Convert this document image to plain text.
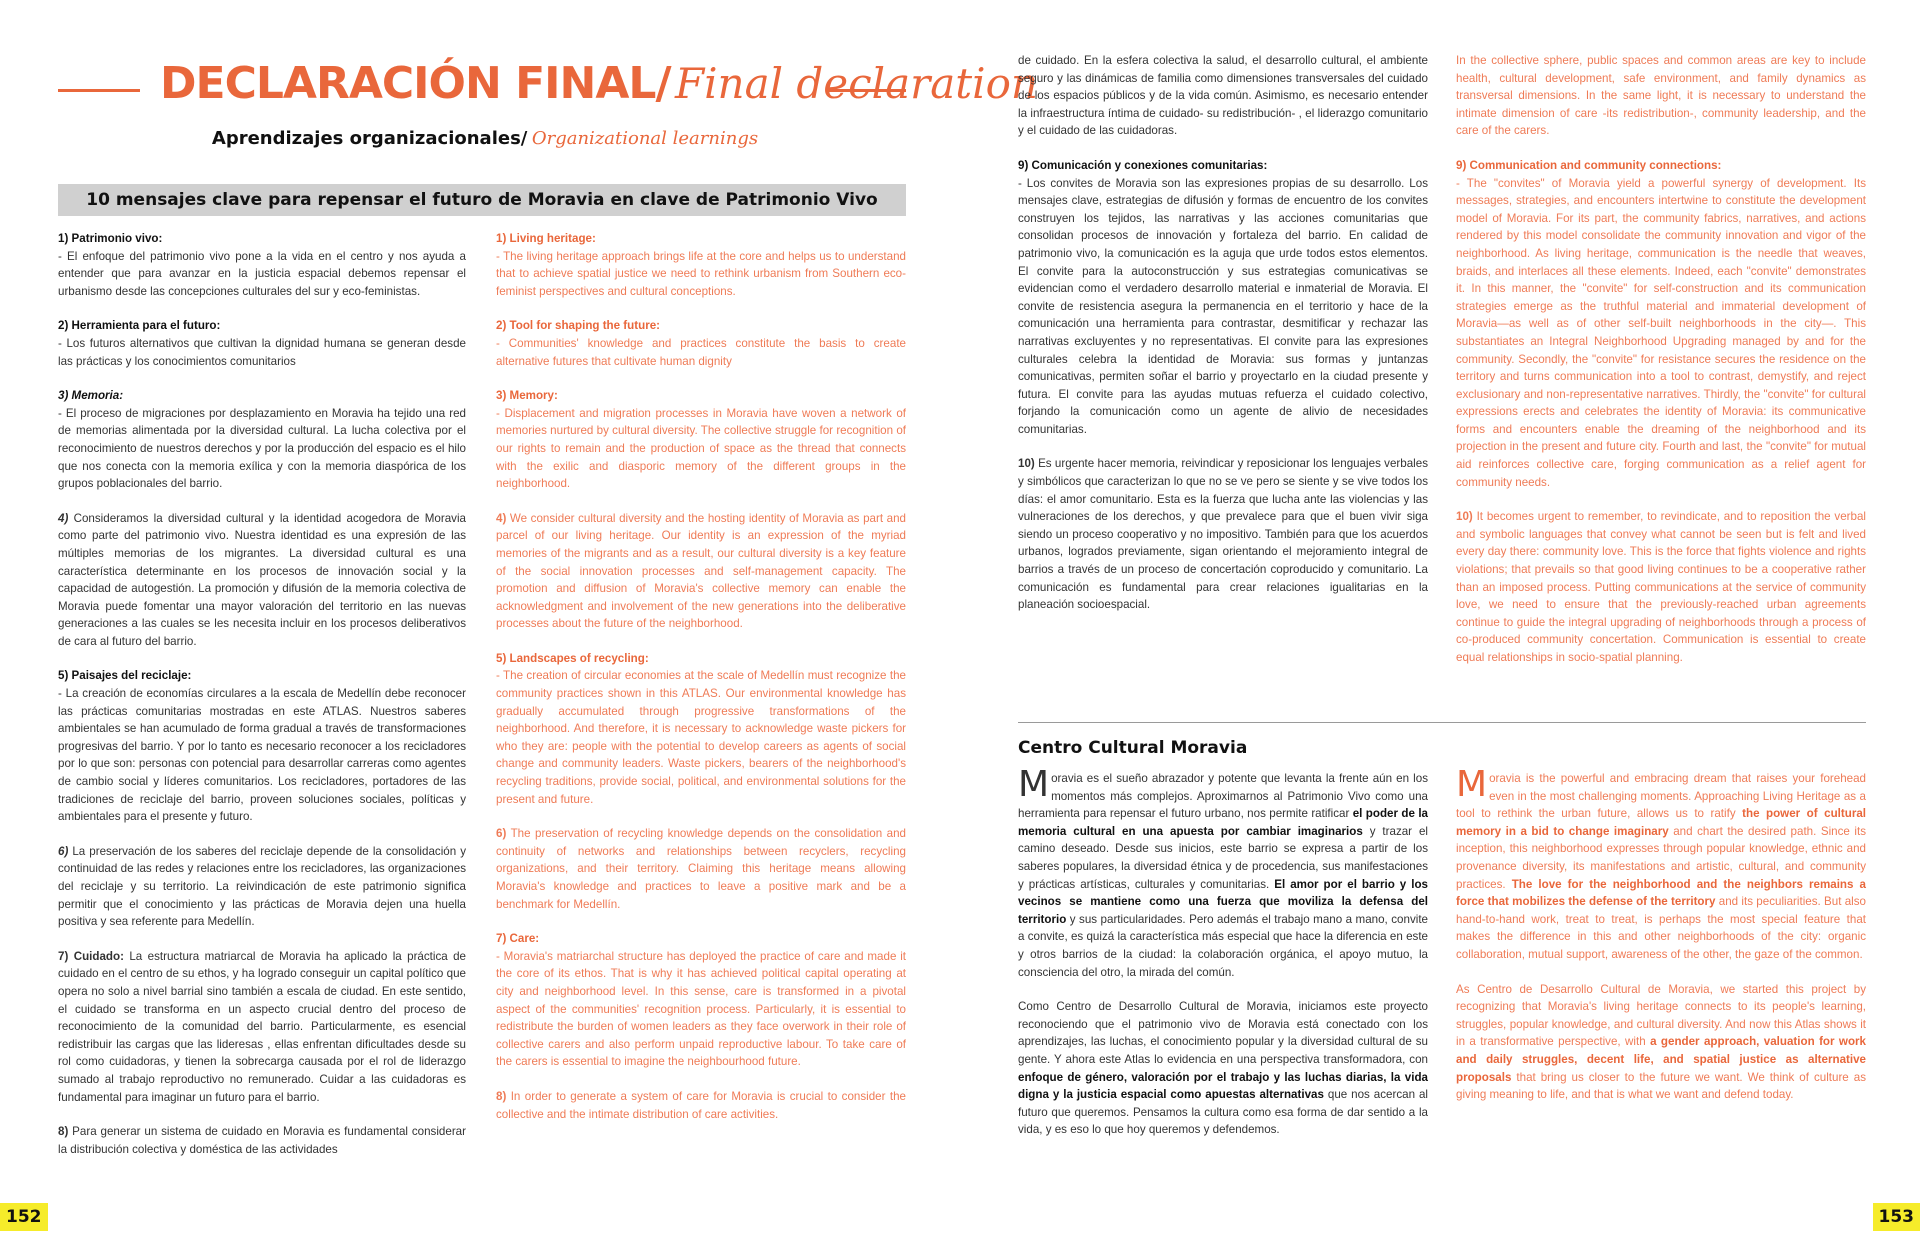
DECLARACIÓN FINAL/ Final declaration
Aprendizajes organizacionales/ Organizational learnings
10 mensajes clave para repensar el futuro de Moravia en clave de Patrimonio Vivo
1) Patrimonio vivo:
- El enfoque del patrimonio vivo pone a la vida en el centro y nos ayuda a entender que para avanzar en la justicia espacial debemos repensar el urbanismo desde las concepciones culturales del sur y eco-feministas.
2) Herramienta para el futuro:
- Los futuros alternativos que cultivan la dignidad humana se generan desde las prácticas y los conocimientos comunitarios
3) Memoria:
- El proceso de migraciones por desplazamiento en Moravia ha tejido una red de memorias alimentada por la diversidad cultural. La lucha colectiva por el reconocimiento de nuestros derechos y por la producción del espacio es el hilo que nos conecta con la memoria exílica y con la memoria diaspórica de los grupos poblacionales del barrio.
4) Consideramos la diversidad cultural y la identidad acogedora de Moravia como parte del patrimonio vivo. Nuestra identidad es una expresión de las múltiples memorias de los migrantes. La diversidad cultural es una característica determinante en los procesos de innovación social y la capacidad de autogestión. La promoción y difusión de la memoria colectiva de Moravia puede fomentar una mayor valoración del territorio en las nuevas generaciones a las cuales se les necesita incluir en los procesos deliberativos de cara al futuro del barrio.
5) Paisajes del reciclaje:
- La creación de economías circulares a la escala de Medellín debe reconocer las prácticas comunitarias mostradas en este ATLAS. Nuestros saberes ambientales se han acumulado de forma gradual a través de transformaciones progresivas del barrio. Y por lo tanto es necesario reconocer a los recicladores por lo que son: personas con potencial para desarrollar carreras como agentes de cambio social y líderes comunitarios. Los recicladores, portadores de las tradiciones de reciclaje del barrio, proveen soluciones sociales, políticas y ambientales para el presente y futuro.
6) La preservación de los saberes del reciclaje depende de la consolidación y continuidad de las redes y relaciones entre los recicladores, las organizaciones del reciclaje y su territorio. La reivindicación de este patrimonio significa permitir que el conocimiento y las prácticas de Moravia dejen una huella positiva y sea referente para Medellín.
7) Cuidado: La estructura matriarcal de Moravia ha aplicado la práctica de cuidado en el centro de su ethos, y ha logrado conseguir un capital político que opera no solo a nivel barrial sino también a escala de ciudad. En este sentido, el cuidado se transforma en un aspecto crucial dentro del proceso de reconocimiento de la comunidad del barrio. Particularmente, es esencial redistribuir las cargas que las lideresas , ellas enfrentan dificultades desde su rol como cuidadoras, y tienen la sobrecarga causada por el rol de liderazgo sumado al trabajo reproductivo no remunerado. Cuidar a las cuidadoras es fundamental para imaginar un futuro para el barrio.
8) Para generar un sistema de cuidado en Moravia es fundamental considerar la distribución colectiva y doméstica de las actividades
1) Living heritage:
- The living heritage approach brings life at the core and helps us to understand that to achieve spatial justice we need to rethink urbanism from Southern eco-feminist perspectives and cultural conceptions.
2) Tool for shaping the future:
- Communities' knowledge and practices constitute the basis to create alternative futures that cultivate human dignity
3) Memory:
- Displacement and migration processes in Moravia have woven a network of memories nurtured by cultural diversity. The collective struggle for recognition of our rights to remain and the production of space as the thread that connects with the exilic and diasporic memory of the different groups in the neighborhood.
4) We consider cultural diversity and the hosting identity of Moravia as part and parcel of our living heritage. Our identity is an expression of the myriad memories of the migrants and as a result, our cultural diversity is a key feature of the social innovation processes and self-management capacity. The promotion and diffusion of Moravia's collective memory can enable the acknowledgment and involvement of the new generations into the deliberative processes about the future of the neighborhood.
5) Landscapes of recycling:
- The creation of circular economies at the scale of Medellín must recognize the community practices shown in this ATLAS. Our environmental knowledge has gradually accumulated through progressive transformations of the neighborhood. And therefore, it is necessary to acknowledge waste pickers for who they are: people with the potential to develop careers as agents of social change and community leaders. Waste pickers, bearers of the neighborhood's recycling traditions, provide social, political, and environmental solutions for the present and future.
6) The preservation of recycling knowledge depends on the consolidation and continuity of networks and relationships between recyclers, recycling organizations, and their territory. Claiming this heritage means allowing Moravia's knowledge and practices to leave a positive mark and be a benchmark for Medellín.
7) Care:
- Moravia's matriarchal structure has deployed the practice of care and made it the core of its ethos. That is why it has achieved political capital operating at city and neighborhood level. In this sense, care is transformed in a pivotal aspect of the communities' recognition process. Particularly, it is essential to redistribute the burden of women leaders as they face overwork in their role of collective carers and also perform unpaid reproductive labour. To take care of the carers is essential to imagine the neighbourhood future.
8) In order to generate a system of care for Moravia is crucial to consider the collective and the intimate distribution of care activities.
de cuidado. En la esfera colectiva la salud, el desarrollo cultural, el ambiente seguro y las dinámicas de familia como dimensiones transversales del cuidado de los espacios públicos y de la vida común. Asimismo, es necesario entender la infraestructura íntima de cuidado- su redistribución- , el liderazgo comunitario y el cuidado de las cuidadoras.
9) Comunicación y conexiones comunitarias:
- Los convites de Moravia son las expresiones propias de su desarrollo. Los mensajes clave, estrategias de difusión y formas de encuentro de los convites construyen los tejidos, las narrativas y las acciones comunitarias que consolidan procesos de innovación y fortaleza del barrio. En calidad de patrimonio vivo, la comunicación es la aguja que urde todos estos elementos. El convite para la autoconstrucción y sus estrategias comunicativas se evidencian como el verdadero desarrollo material e inmaterial de Moravia. El convite de resistencia asegura la permanencia en el territorio y hace de la comunicación una herramienta para contrastar, desmitificar y rechazar las narrativas excluyentes y no representativas. El convite para las expresiones culturales celebra la identidad de Moravia: sus formas y juntanzas comunicativas, permiten soñar el barrio y proyectarlo en la ciudad presente y futura. El convite para las ayudas mutuas refuerza el cuidado colectivo, forjando la comunicación como un agente de alivio de necesidades comunitarias.
10) Es urgente hacer memoria, reivindicar y reposicionar los lenguajes verbales y simbólicos que caracterizan lo que no se ve pero se siente y se vive todos los días: el amor comunitario. Esta es la fuerza que lucha ante las violencias y las vulneraciones de los derechos, y que prevalece para que el buen vivir siga siendo un proceso cooperativo y no impositivo. También para que los acuerdos urbanos, logrados previamente, sigan orientando el mejoramiento integral de barrios a través de un proceso de concertación coproducido y comunitario. La comunicación es fundamental para crear relaciones igualitarias en la planeación socioespacial.
In the collective sphere, public spaces and common areas are key to include health, cultural development, safe environment, and family dynamics as transversal dimensions. In the same light, it is necessary to understand the intimate dimension of care -its redistribution-, community leadership, and the care of the carers.
9) Communication and community connections:
- The "convites" of Moravia yield a powerful synergy of development. Its messages, strategies, and encounters intertwine to constitute the development model of Moravia. For its part, the community fabrics, narratives, and actions rendered by this model consolidate the community innovation and vigor of the neighborhood. As living heritage, communication is the needle that weaves, braids, and interlaces all these elements. Indeed, each "convite" demonstrates it. In this manner, the "convite" for self-construction and its communication strategies emerge as the truthful material and immaterial development of Moravia—as well as of other self-built neighborhoods in the city—. This substantiates an Integral Neighborhood Upgrading managed by and for the community. Secondly, the "convite" for resistance secures the residence on the territory and turns communication into a tool to contrast, demystify, and reject exclusionary and non-representative narratives. Thirdly, the "convite" for cultural expressions erects and celebrates the identity of Moravia: its communicative forms and encounters enable the dreaming of the neighborhood and its projection in the present and future city. Fourth and last, the "convite" for mutual aid reinforces collective care, forging communication as a relief agent for community needs.
10) It becomes urgent to remember, to revindicate, and to reposition the verbal and symbolic languages that convey what cannot be seen but is felt and lived every day there: community love. This is the force that fights violence and rights violations; that prevails so that good living continues to be a cooperative rather than an imposed process. Putting communications at the service of community love, we need to ensure that the previously-reached urban agreements continue to guide the integral upgrading of neighborhoods through a process of co-produced community concertation. Communication is essential to create equal relationships in socio-spatial planning.
Centro Cultural Moravia
Moravia es el sueño abrazador y potente que levanta la frente aún en los momentos más complejos. Aproximarnos al Patrimonio Vivo como una herramienta para repensar el futuro urbano, nos permite ratificar el poder de la memoria cultural en una apuesta por cambiar imaginarios y trazar el camino deseado. Desde sus inicios, este barrio se expresa a partir de los saberes populares, la diversidad étnica y de procedencia, sus manifestaciones y prácticas artísticas, culturales y comunitarias. El amor por el barrio y los vecinos se mantiene como una fuerza que moviliza la defensa del territorio y sus particularidades. Pero además el trabajo mano a mano, convite a convite, es quizá la característica más especial que hace la diferencia en este y otros barrios de la ciudad: la colaboración orgánica, el apoyo mutuo, la consciencia del otro, la mirada del común.
Como Centro de Desarrollo Cultural de Moravia, iniciamos este proyecto reconociendo que el patrimonio vivo de Moravia está conectado con los aprendizajes, las luchas, el conocimiento popular y la diversidad cultural de su gente. Y ahora este Atlas lo evidencia en una perspectiva transformadora, con enfoque de género, valoración por el trabajo y las luchas diarias, la vida digna y la justicia espacial como apuestas alternativas que nos acercan al futuro que queremos. Pensamos la cultura como esa forma de dar sentido a la vida, y es eso lo que hoy queremos y defendemos.
Moravia is the powerful and embracing dream that raises your forehead even in the most challenging moments. Approaching Living Heritage as a tool to rethink the urban future, allows us to ratify the power of cultural memory in a bid to change imaginary and chart the desired path. Since its inception, this neighborhood expresses through popular knowledge, ethnic and provenance diversity, its manifestations and artistic, cultural, and community practices. The love for the neighborhood and the neighbors remains a force that mobilizes the defense of the territory and its peculiarities. But also hand-to-hand work, treat to treat, is perhaps the most special feature that makes the difference in this and other neighborhoods of the city: organic collaboration, mutual support, awareness of the other, the gaze of the common.
As Centro de Desarrollo Cultural de Moravia, we started this project by recognizing that Moravia's living heritage connects to its people's learning, struggles, popular knowledge, and cultural diversity. And now this Atlas shows it in a transformative perspective, with a gender approach, valuation for work and daily struggles, decent life, and spatial justice as alternative proposals that bring us closer to the future we want. We think of culture as giving meaning to life, and that is what we want and defend today.
152	153
